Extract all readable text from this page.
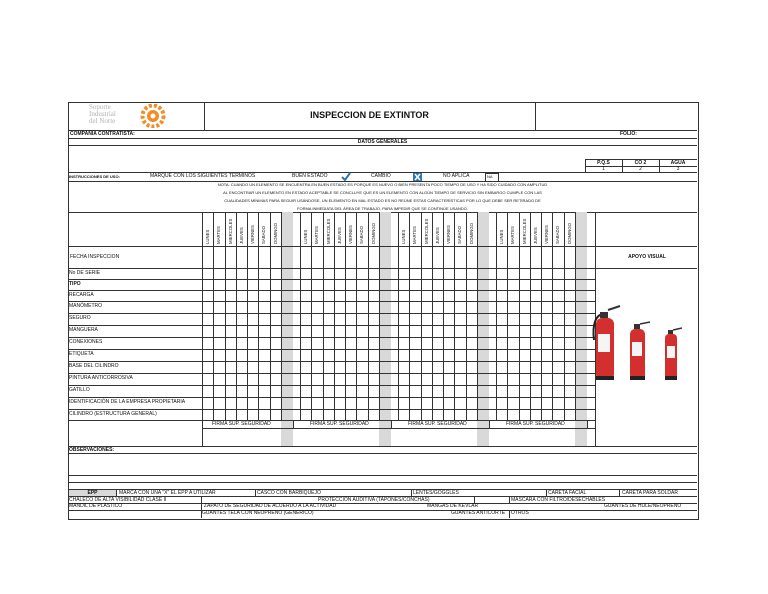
Soporte
Industrial
del Norte
INSPECCION DE EXTINTOR
COMPAÑIA CONTRATISTA:	FOLIO:
DATOS GENERALES
P.Q.S	CO 2	AGUA
1	2	3
INSTRUCCIONES DE USO:	MARQUE CON LOS SIGUIENTES TÉRMINOS	BUEN ESTADO	CAMBIO	NO APLICA	NA
NOTA: CUANDO UN ELEMENTO SE ENCUENTRA EN BUEN ESTADO ES PORQUE ES NUEVO O BIEN PRESENTA POCO TIEMPO DE USO Y HA SIDO CUIDADO CON AMPLITUD
AL ENCONTRAR UN ELEMENTO EN ESTADO ACEPTABLE SE CONCLUYE QUE ES UN ELEMENTO CON ALGÚN TIEMPO DE SERVICIO SIN EMBARGO CUMPLE CON LAS
CUALIDADES MÍNIMAS PARA SEGUIR USÁNDOSE, UN ELEMENTO EN MAL ESTADO ES NO REÚNE ESTAS CARACTERÍSTICAS POR LO QUE DEBE SER RETIRADO DE
FORMA INMEDIATA DEL ÁREA DE TRABAJO, PARA IMPEDIR QUE SE CONTINÚE USANDO.
LUNES MARTES MIERCOLES JUEVES VIERNES SABADO DOMINGO
FIRMA SUP. SEGURIDAD
LUNES MARTES MIERCOLES JUEVES VIERNES SABADO DOMINGO
FIRMA SUP. SEGURIDAD
LUNES MARTES MIERCOLES JUEVES VIERNES SABADO DOMINGO
FIRMA SUP. SEGURIDAD
LUNES MARTES MIERCOLES JUEVES VIERNES SABADO DOMINGO
FIRMA SUP. SEGURIDAD
FECHA INSPECCION	APOYO VISUAL
No DE SERIE
TIPO
RECARGA
MANÓMETRO
SEGURO
MANGUERA
CONEXIONES
ETIQUETA
BASE DEL CILINDRO
PINTURA ANTICORROSIVA
GATILLO
IDENTIFICACIÓN DE LA EMPRESA PROPIETARIA
CILINDRO (ESTRUCTURA GENERAL)
OBSERVACIONES:
EPP	MARCA CON UNA "X" EL EPP A UTILIZAR	CASCO CON BARBIQUEJO	LENTES/GOGGLES	CARETA FACIAL	CARETA PARA SOLDAR
CHALECO DE ALTA VISIBILIDAD CLASE II	PROTECCIÓN AUDITIVA (TAPONES/CONCHAS)	MASCARA CON FILTRO/DESECHABLES
MANDIL DE PLASTICO	ZAPATO DE SEGURIDAD DE ACUERDO A LA ACTIVIDAD	MANGAS DE KEVLAR	GUANTES DE HULE/NEOPRENO
GUANTES TELA CON NEOPRENO (GENERICO)	GUANTES ANTICORTE OTROS
